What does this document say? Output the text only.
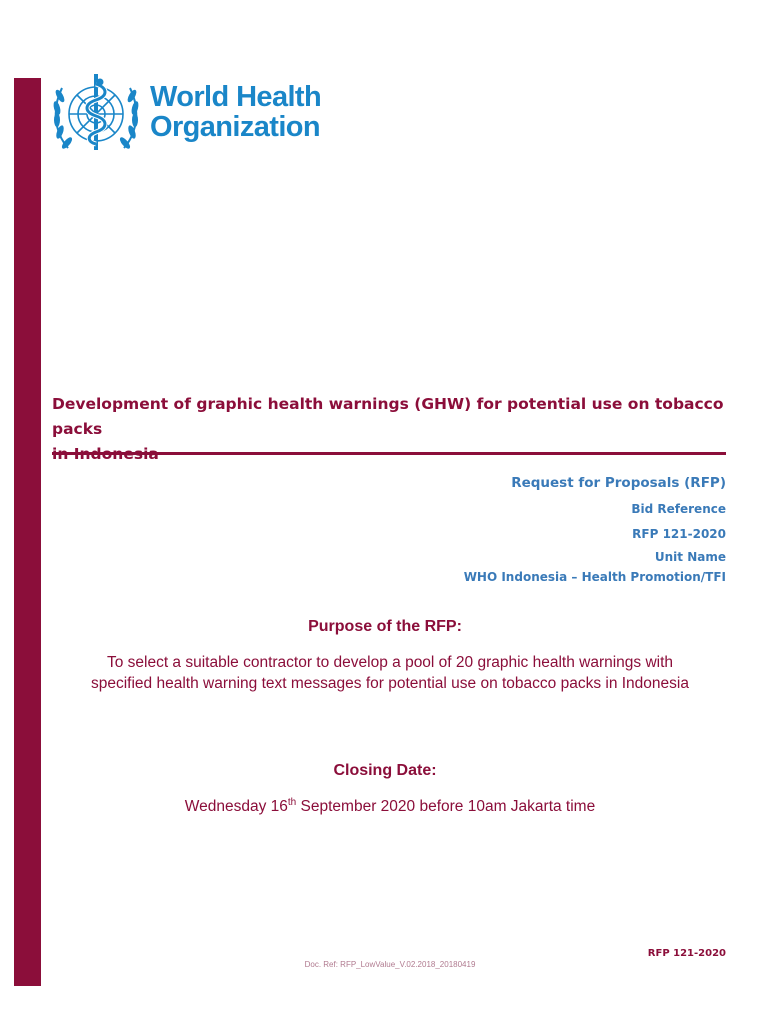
World Health
Organization
Development of graphic health warnings (GHW) for potential use on tobacco packs
Request for Proposals (RFP)
Bid Reference
RFP 121-2020
Unit Name
WHO Indonesia – Health Promotion/TFI
Purpose of the RFP:
To select a suitable contractor to develop a pool of 20 graphic health warnings with
specified health warning text messages for potential use on tobacco packs in Indonesia
Closing Date:
Wednesday 16th September 2020 before 10am Jakarta time
RFP 121-2020
Doc. Ref: RFP_LowValue_V.02.2018_20180419
